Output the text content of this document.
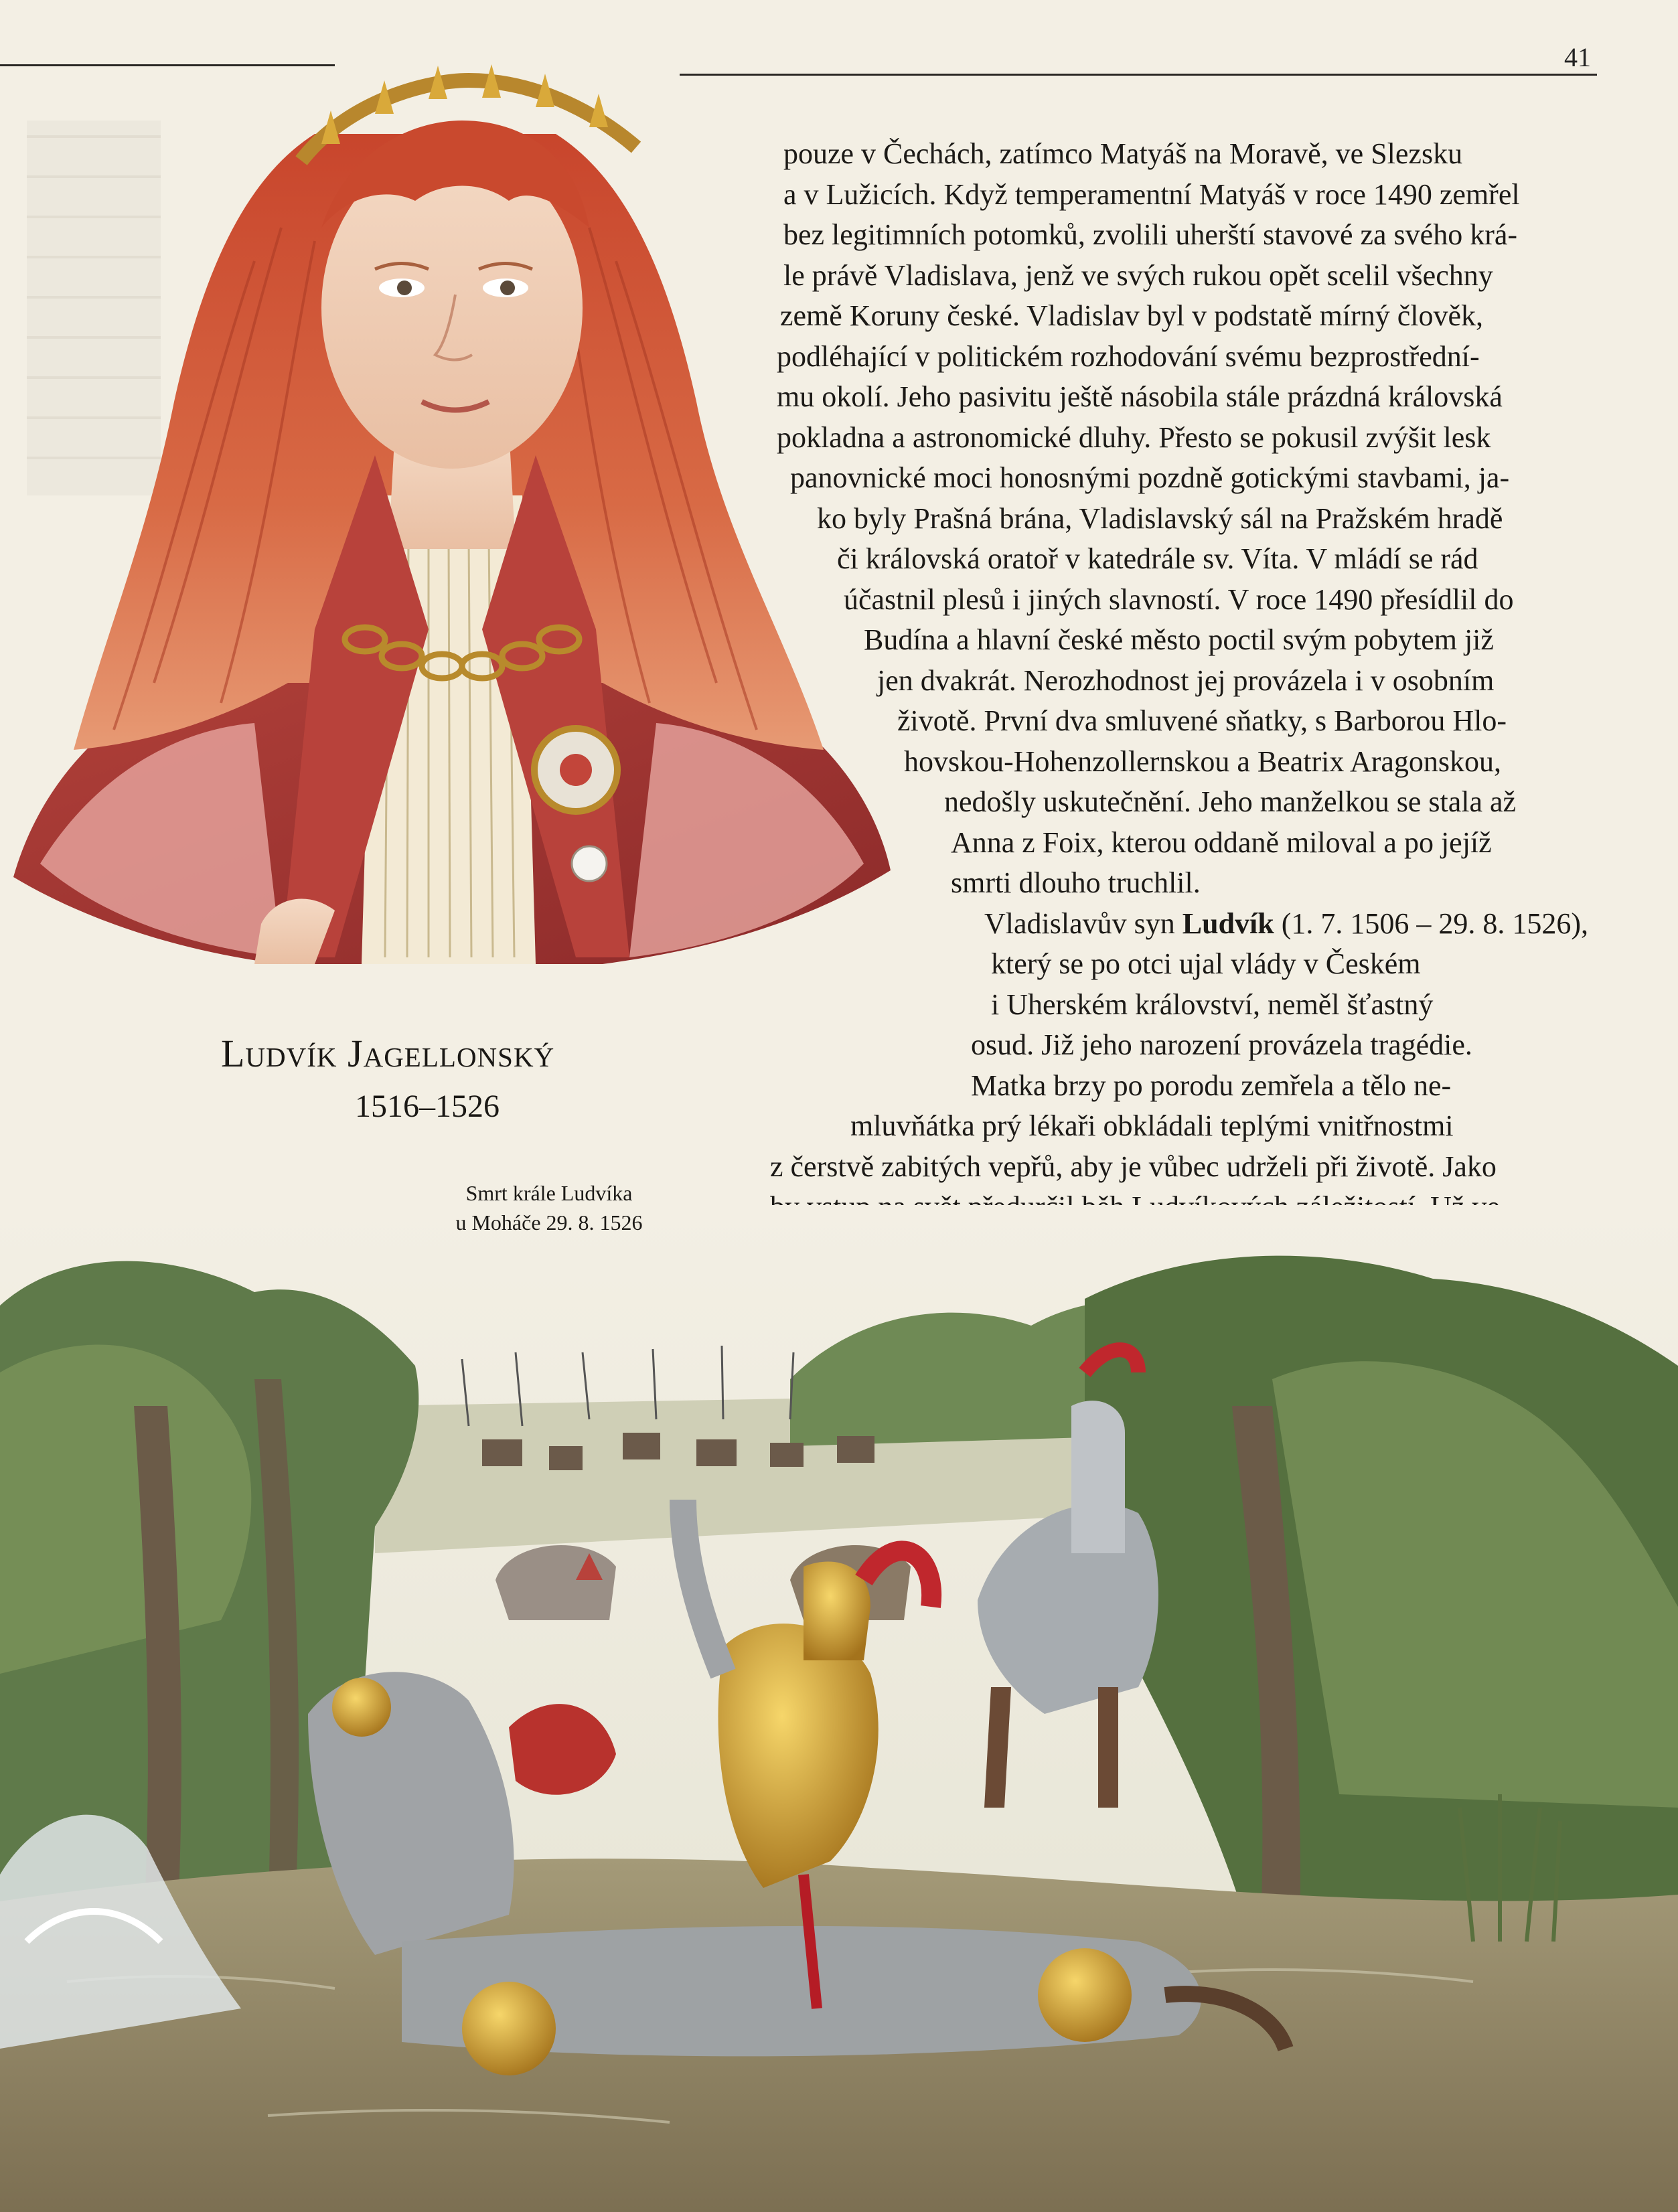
41
pouze v Čechách, zatímco Matyáš na Moravě, ve Slezsku
a v Lužicích. Když temperamentní Matyáš v roce 1490 zemřel
bez legitimních potomků, zvolili uherští stavové za svého krá-
le právě Vladislava, jenž ve svých rukou opět scelil všechny
země Koruny české. Vladislav byl v podstatě mírný člověk,
podléhající v politickém rozhodování svému bezprostřední-
mu okolí. Jeho pasivitu ještě násobila stále prázdná královská
pokladna a astronomické dluhy. Přesto se pokusil zvýšit lesk
panovnické moci honosnými pozdně gotickými stavbami, ja-
ko byly Prašná brána, Vladislavský sál na Pražském hradě
či královská oratoř v katedrále sv. Víta. V mládí se rád
účastnil plesů i jiných slavností. V roce 1490 přesídlil do
Budína a hlavní české město poctil svým pobytem již
jen dvakrát. Nerozhodnost jej provázela i v osobním
životě. První dva smluvené sňatky, s Barborou Hlo-
hovskou-Hohenzollernskou a Beatrix Aragonskou,
nedošly uskutečnění. Jeho manželkou se stala až
Anna z Foix, kterou oddaně miloval a po jejíž
smrti dlouho truchlil.
Vladislavův syn Ludvík (1. 7. 1506 – 29. 8. 1526),
který se po otci ujal vlády v Českém
i Uherském království, neměl šťastný
osud. Již jeho narození provázela tragédie.
Matka brzy po porodu zemřela a tělo ne-
mluvňátka prý lékaři obkládali teplými vnitřnostmi
z čerstvě zabitých vepřů, aby je vůbec udrželi při životě. Jako
Ludvík Jagellonský
1516–1526
Smrt krále Ludvíka
u Moháče 29. 8. 1526
